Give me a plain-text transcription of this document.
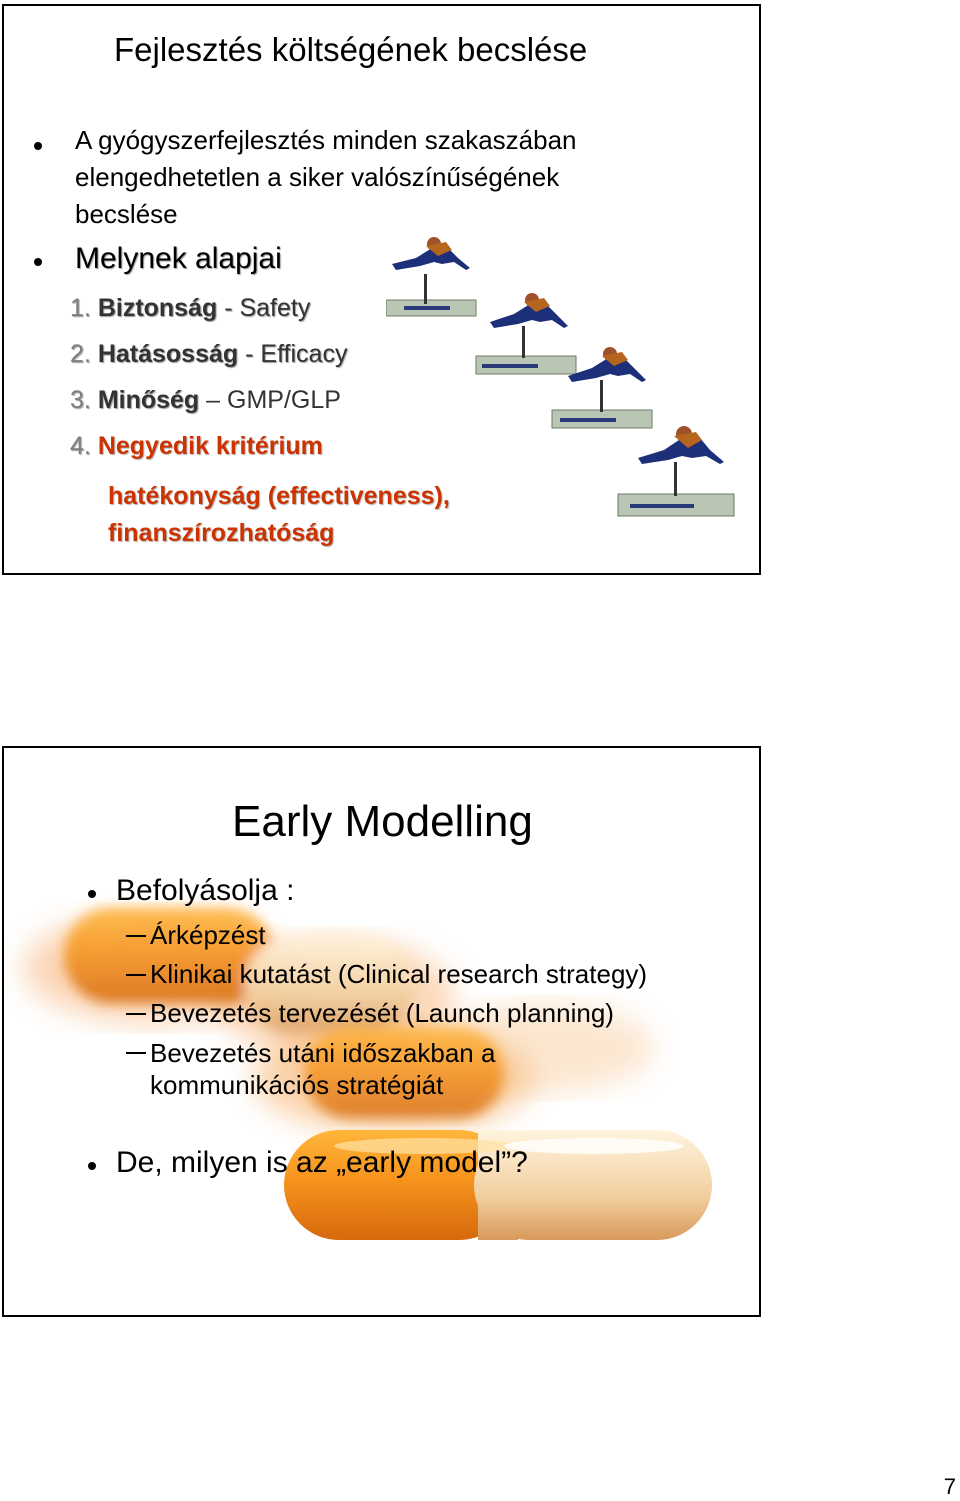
Fejlesztés költségének becslése
A gyógyszerfejlesztés minden szakaszában
elengedhetetlen a siker valószínűségének
becslése
Melynek alapjai
1. Biztonság - Safety
2. Hatásosság - Efficacy
3. Minőség – GMP/GLP
4. Negyedik kritérium
hatékonyság (effectiveness),
finanszírozhatóság
Early Modelling
Befolyásolja :
Árképzést
Klinikai kutatást (Clinical research strategy)
Bevezetés tervezését (Launch planning)
Bevezetés utáni időszakban a
kommunikációs stratégiát
De, milyen is az „early model”?
7
